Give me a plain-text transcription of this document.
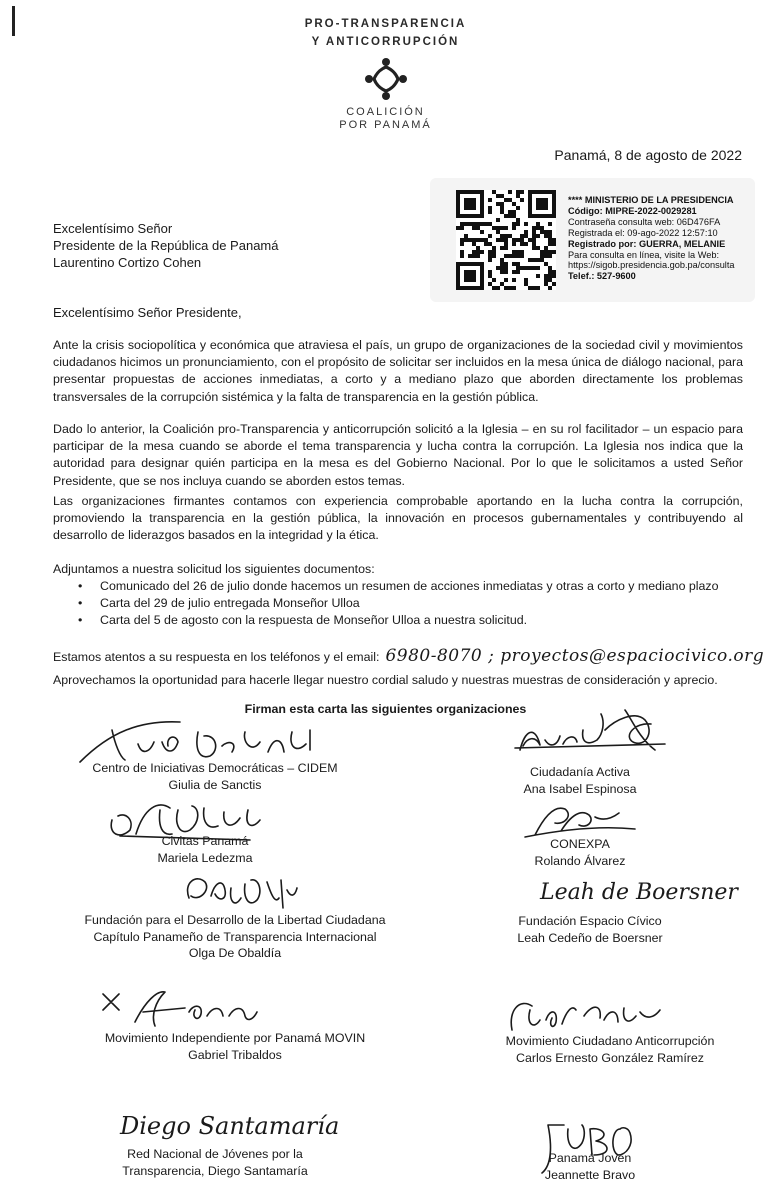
PRO-TRANSPARENCIA
Y ANTICORRUPCIÓN
COALICIÓN
POR PANAMÁ
Panamá, 8 de agosto de 2022
**** MINISTERIO DE LA PRESIDENCIA
Código: MIPRE-2022-0029281
Contraseña consulta web: 06D476FA
Registrada el: 09-ago-2022 12:57:10
Registrado por: GUERRA, MELANIE
Para consulta en línea, visite la Web:
https://sigob.presidencia.gob.pa/consulta
Telef.: 527-9600
Excelentísimo Señor
Presidente de la República de Panamá
Laurentino Cortizo Cohen
Excelentísimo Señor Presidente,
Ante la crisis sociopolítica y económica que atraviesa el país, un grupo de organizaciones de la sociedad civil y movimientos ciudadanos hicimos un pronunciamiento, con el propósito de solicitar ser incluidos en la mesa única de diálogo nacional, para presentar propuestas de acciones inmediatas, a corto y a mediano plazo que aborden directamente los problemas transversales de la corrupción sistémica y la falta de transparencia en la gestión pública.
Dado lo anterior, la Coalición pro-Transparencia y anticorrupción solicitó a la Iglesia – en su rol facilitador – un espacio para participar de la mesa cuando se aborde el tema transparencia y lucha contra la corrupción. La Iglesia nos indica que la autoridad para designar quién participa en la mesa es del Gobierno Nacional. Por lo que le solicitamos a usted Señor Presidente, que se nos incluya cuando se aborden estos temas.
Las organizaciones firmantes contamos con experiencia comprobable aportando en la lucha contra la corrupción, promoviendo la transparencia en la gestión pública, la innovación en procesos gubernamentales y contribuyendo al desarrollo de liderazgos basados en la integridad y la ética.
Adjuntamos a nuestra solicitud los siguientes documentos:
• Comunicado del 26 de julio donde hacemos un resumen de acciones inmediatas y otras a corto y mediano plazo
• Carta del 29 de julio entregada Monseñor Ulloa
• Carta del 5 de agosto con la respuesta de Monseñor Ulloa a nuestra solicitud.
Estamos atentos a su respuesta en los teléfonos y el email: 6980-8070 ; proyectos@espaciocivico.org
Aprovechamos la oportunidad para hacerle llegar nuestro cordial saludo y nuestras muestras de consideración y aprecio.
Firman esta carta las siguientes organizaciones
Leah de Boersner
Diego Santamaría
Centro de Iniciativas Democráticas – CIDEM
Giulia de Sanctis
Ciudadanía Activa
Ana Isabel Espinosa
Civitas Panamá
Mariela Ledezma
CONEXPA
Rolando Álvarez
Fundación para el Desarrollo de la Libertad Ciudadana
Capítulo Panameño de Transparencia Internacional
Olga De Obaldía
Fundación Espacio Cívico
Leah Cedeño de Boersner
Movimiento Independiente por Panamá MOVIN
Gabriel Tribaldos
Movimiento Ciudadano Anticorrupción
Carlos Ernesto González Ramírez
Red Nacional de Jóvenes por la
Transparencia, Diego Santamaría
Panamá Joven
Jeannette Bravo
